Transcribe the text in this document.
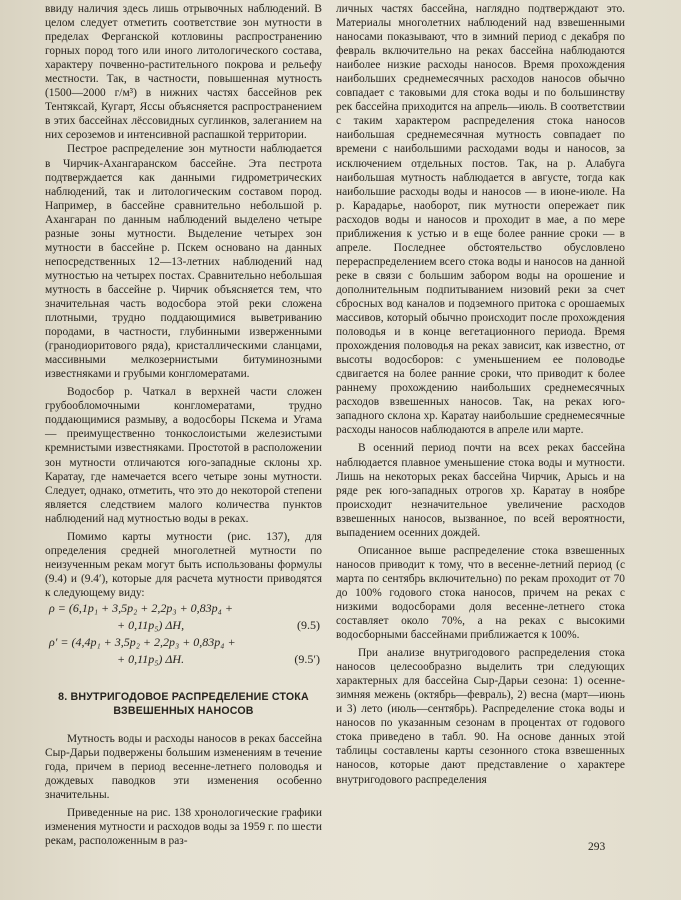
ввиду наличия здесь лишь отрывочных наблюдений. В целом следует отметить соответствие зон мутности в пределах Ферганской котловины распространению горных пород того или иного литологического состава, характеру почвенно-растительного покрова и рельефу местности. Так, в частности, повышенная мутность (1500—2000 г/м³) в нижних частях бассейнов рек Тентяксай, Кугарт, Яссы объясняется распространением в этих бассейнах лёссовидных суглинков, залеганием на них сероземов и интенсивной распашкой территории.

Пестрое распределение зон мутности наблюдается в Чирчик-Ахангаранском бассейне. Эта пестрота подтверждается как данными гидрометрических наблюдений, так и литологическим составом пород. Например, в бассейне сравнительно небольшой р. Ахангаран по данным наблюдений выделено четыре разные зоны мутности. Выделение четырех зон мутности в бассейне р. Пскем основано на данных непосредственных 12—13-летних наблюдений над мутностью на четырех постах. Сравнительно небольшая мутность в бассейне р. Чирчик объясняется тем, что значительная часть водосбора этой реки сложена плотными, трудно поддающимися выветриванию породами, в частности, глубинными изверженными (гранодиоритового ряда), кристаллическими сланцами, массивными мелкозернистыми битуминозными известняками и грубыми конгломератами.

Водосбор р. Чаткал в верхней части сложен грубообломочными конгломератами, трудно поддающимися размыву, а водосборы Пскема и Угама — преимущественно тонкослоистыми железистыми кремнистыми известняками. Простотой в расположении зон мутности отличаются юго-западные склоны хр. Каратау, где намечается всего четыре зоны мутности. Следует, однако, отметить, что это до некоторой степени является следствием малого количества пунктов наблюдений над мутностью воды в реках.

Помимо карты мутности (рис. 137), для определения средней многолетней мутности по неизученным рекам могут быть использованы формулы (9.4) и (9.4′), которые для расчета мутности приводятся к следующему виду:

ρ = (6,1p₁ + 3,5p₂ + 2,2p₃ + 0,83p₄ +
+ 0,11p₅) ΔH,	(9.5)
ρ′ = (4,4p₁ + 3,5p₂ + 2,2p₃ + 0,83p₄ +
+ 0,11p₅) ΔH.	(9.5′)
8. ВНУТРИГОДОВОЕ РАСПРЕДЕЛЕНИЕ СТОКА
ВЗВЕШЕННЫХ НАНОСОВ

Мутность воды и расходы наносов в реках бассейна Сыр-Дарьи подвержены большим изменениям в течение года, причем в период весенне-летнего половодья и дождевых паводков эти изменения особенно значительны.

Приведенные на рис. 138 хронологические графики изменения мутности и расходов воды за 1959 г. по шести рекам, расположенным в раз-

личных частях бассейна, наглядно подтверждают это. Материалы многолетних наблюдений над взвешенными наносами показывают, что в зимний период с декабря по февраль включительно на реках бассейна наблюдаются наиболее низкие расходы наносов. Время прохождения наибольших среднемесячных расходов наносов обычно совпадает с таковыми для стока воды и по большинству рек бассейна приходится на апрель—июль. В соответствии с таким характером распределения стока наносов наибольшая среднемесячная мутность совпадает по времени с наибольшими расходами воды и наносов, за исключением отдельных постов. Так, на р. Алабуга наибольшая мутность наблюдается в августе, тогда как наибольшие расходы воды и наносов — в июне-июле. На р. Карадарье, наоборот, пик мутности опережает пик расходов воды и наносов и проходит в мае, а по мере приближения к устью и в еще более ранние сроки — в апреле. Последнее обстоятельство обусловлено перераспределением всего стока воды и наносов на данной реке в связи с большим забором воды на орошение и дополнительным подпитыванием низовий реки за счет сбросных вод каналов и подземного притока с орошаемых массивов, который обычно происходит после прохождения половодья и в конце вегетационного периода. Время прохождения половодья на реках зависит, как известно, от высоты водосборов: с уменьшением ее половодье сдвигается на более ранние сроки, что приводит к более раннему прохождению наибольших среднемесячных расходов взвешенных наносов. Так, на реках юго-западного склона хр. Каратау наибольшие среднемесячные расходы наносов наблюдаются в апреле или марте.

В осенний период почти на всех реках бассейна наблюдается плавное уменьшение стока воды и мутности. Лишь на некоторых реках бассейна Чирчик, Арысь и на ряде рек юго-западных отрогов хр. Каратау в ноябре происходит незначительное увеличение расходов взвешенных наносов, вызванное, по всей вероятности, выпадением осенних дождей.

Описанное выше распределение стока взвешенных наносов приводит к тому, что в весенне-летний период (с марта по сентябрь включительно) по рекам проходит от 70 до 100% годового стока наносов, причем на реках с низкими водосборами доля весенне-летнего стока составляет около 70%, а на реках с высокими водосборными бассейнами приближается к 100%.

При анализе внутригодового распределения стока наносов целесообразно выделить три следующих характерных для бассейна Сыр-Дарьи сезона: 1) осенне-зимняя межень (октябрь—февраль), 2) весна (март—июнь и 3) лето (июль—сентябрь). Распределение стока воды и наносов по указанным сезонам в процентах от годового стока приведено в табл. 90. На основе данных этой таблицы составлены карты сезонного стока взвешенных наносов, которые дают представление о характере внутригодового распределения

293
